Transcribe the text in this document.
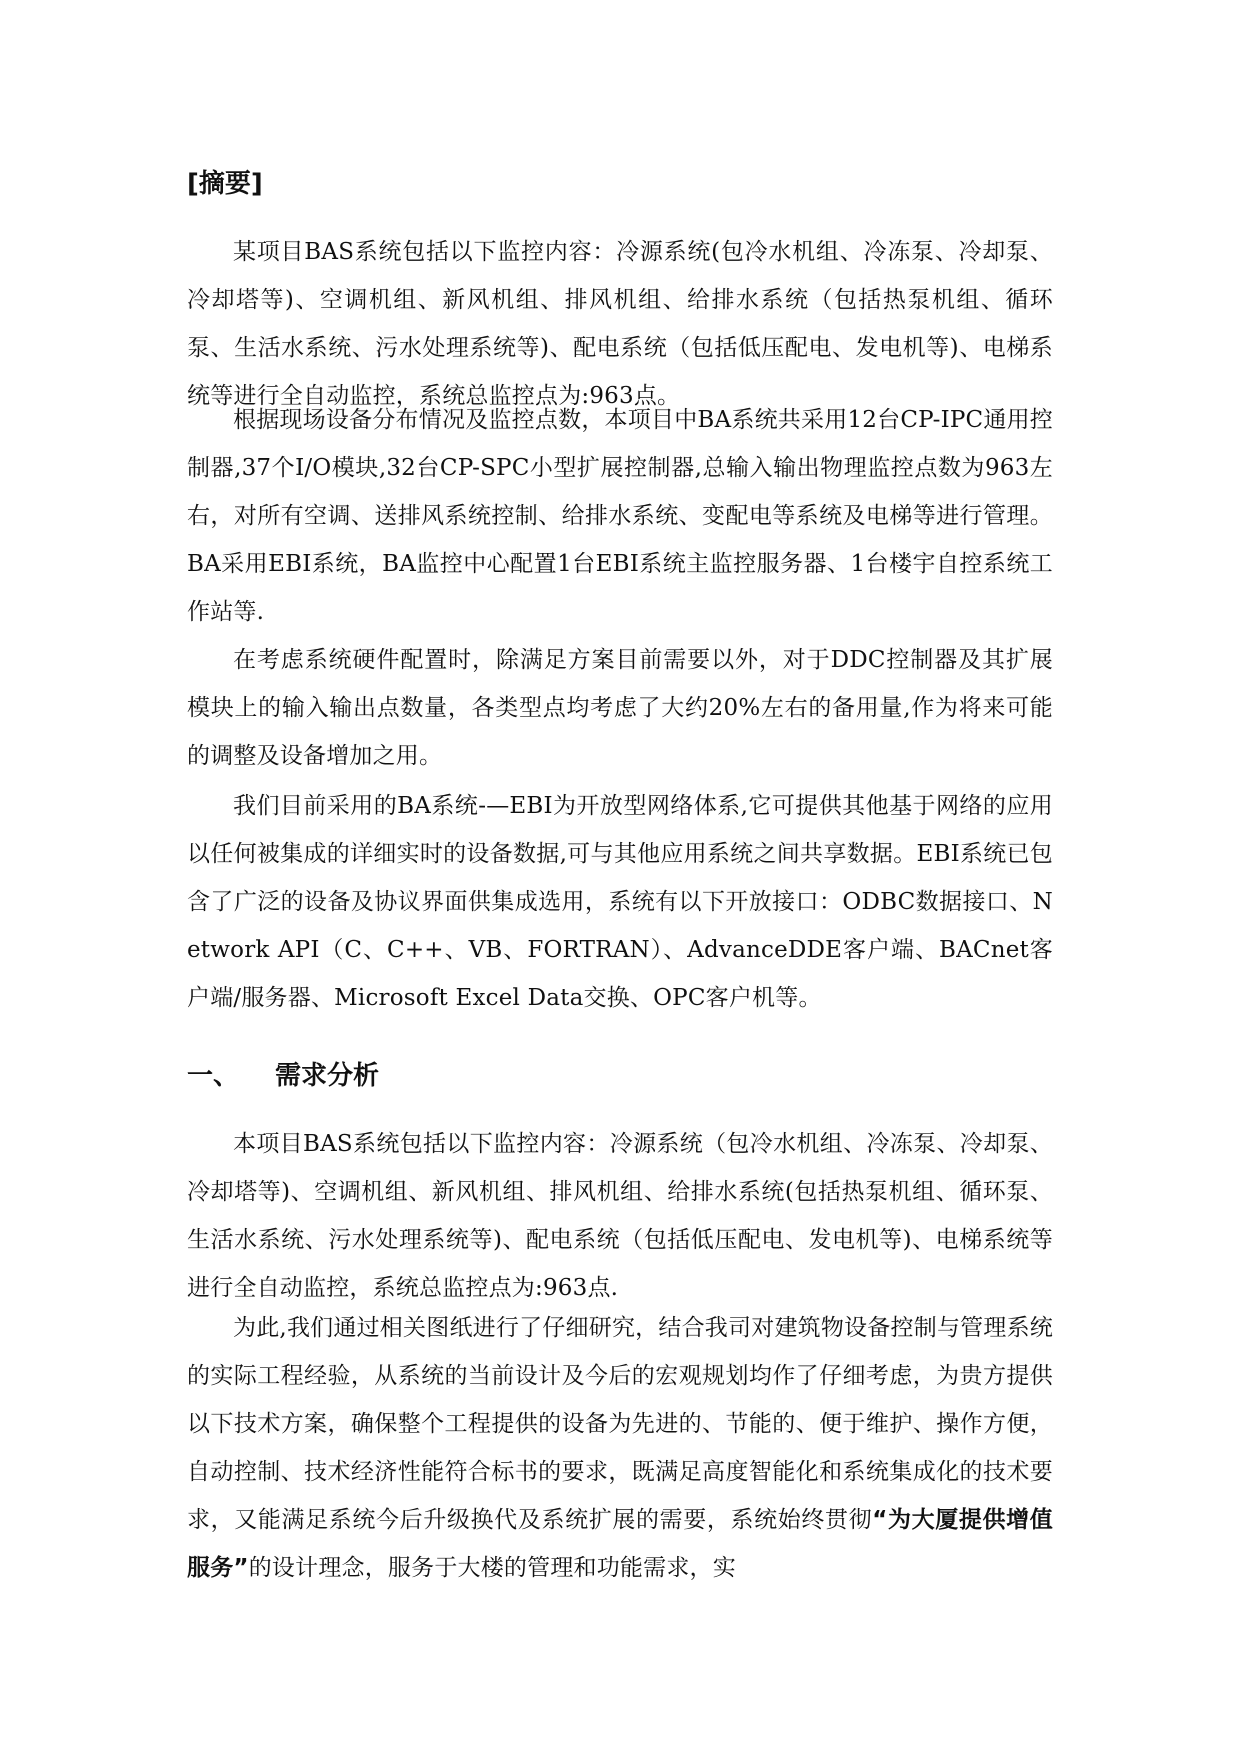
[摘要]

某项目BAS系统包括以下监控内容：冷源系统(包冷水机组、冷冻泵、冷却泵、冷却塔等)、空调机组、新风机组、排风机组、给排水系统（包括热泵机组、循环泵、生活水系统、污水处理系统等)、配电系统（包括低压配电、发电机等)、电梯系统等进行全自动监控，系统总监控点为:963点。

根据现场设备分布情况及监控点数，本项目中BA系统共采用12台CP-IPC通用控制器,37个I/O模块,32台CP-SPC小型扩展控制器,总输入输出物理监控点数为963左右，对所有空调、送排风系统控制、给排水系统、变配电等系统及电梯等进行管理。BA采用EBI系统，BA监控中心配置1台EBI系统主监控服务器、1台楼宇自控系统工作站等.

在考虑系统硬件配置时，除满足方案目前需要以外，对于DDC控制器及其扩展模块上的输入输出点数量，各类型点均考虑了大约20%左右的备用量,作为将来可能的调整及设备增加之用。

我们目前采用的BA系统-—EBI为开放型网络体系,它可提供其他基于网络的应用以任何被集成的详细实时的设备数据,可与其他应用系统之间共享数据。EBI系统已包含了广泛的设备及协议界面供集成选用，系统有以下开放接口：ODBC数据接口、Network API（C、C++、VB、FORTRAN）、AdvanceDDE客户端、BACnet客户端/服务器、Microsoft Excel Data交换、OPC客户机等。

一、 需求分析

本项目BAS系统包括以下监控内容：冷源系统（包冷水机组、冷冻泵、冷却泵、冷却塔等)、空调机组、新风机组、排风机组、给排水系统(包括热泵机组、循环泵、生活水系统、污水处理系统等)、配电系统（包括低压配电、发电机等)、电梯系统等进行全自动监控，系统总监控点为:963点.

为此,我们通过相关图纸进行了仔细研究，结合我司对建筑物设备控制与管理系统的实际工程经验，从系统的当前设计及今后的宏观规划均作了仔细考虑，为贵方提供以下技术方案，确保整个工程提供的设备为先进的、节能的、便于维护、操作方便，自动控制、技术经济性能符合标书的要求，既满足高度智能化和系统集成化的技术要求，又能满足系统今后升级换代及系统扩展的需要，系统始终贯彻“为大厦提供增值服务”的设计理念，服务于大楼的管理和功能需求，实
